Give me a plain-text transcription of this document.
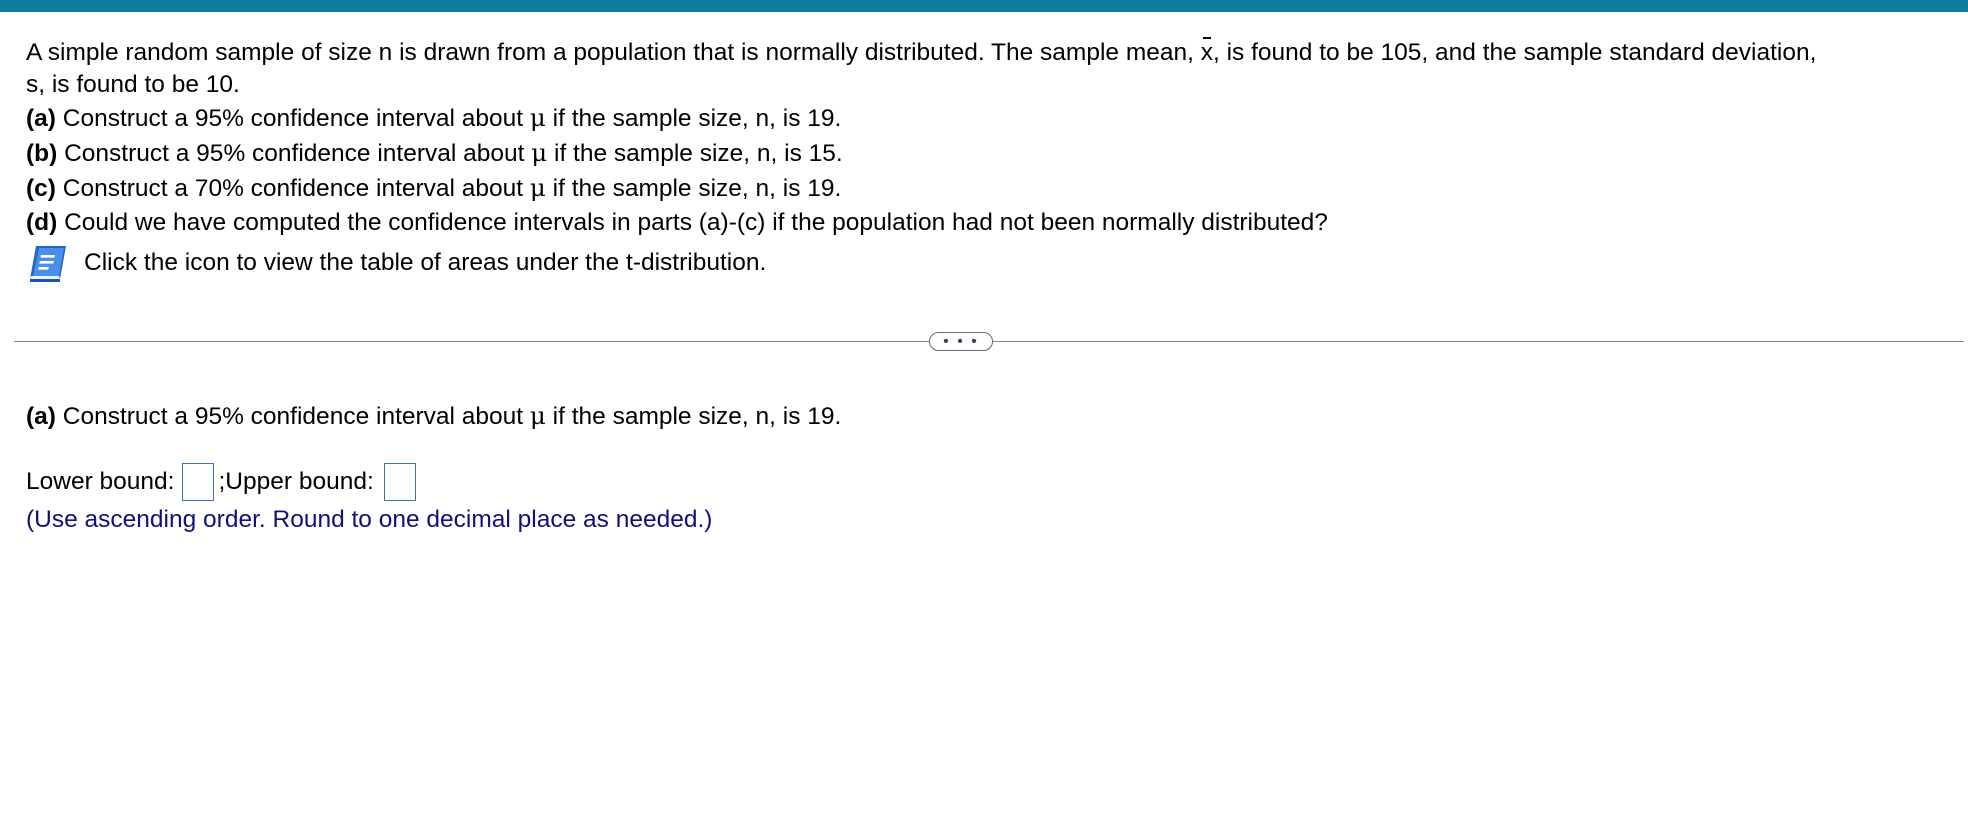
A simple random sample of size n is drawn from a population that is normally distributed. The sample mean, x, is found to be 105, and the sample standard deviation,
s, is found to be 10.
(a) Construct a 95% confidence interval about μ if the sample size, n, is 19.
(b) Construct a 95% confidence interval about μ if the sample size, n, is 15.
(c) Construct a 70% confidence interval about μ if the sample size, n, is 19.
(d) Could we have computed the confidence intervals in parts (a)-(c) if the population had not been normally distributed?
Click the icon to view the table of areas under the t-distribution.
• • •
(a) Construct a 95% confidence interval about μ if the sample size, n, is 19.
Lower bound: ; Upper bound:
(Use ascending order. Round to one decimal place as needed.)
